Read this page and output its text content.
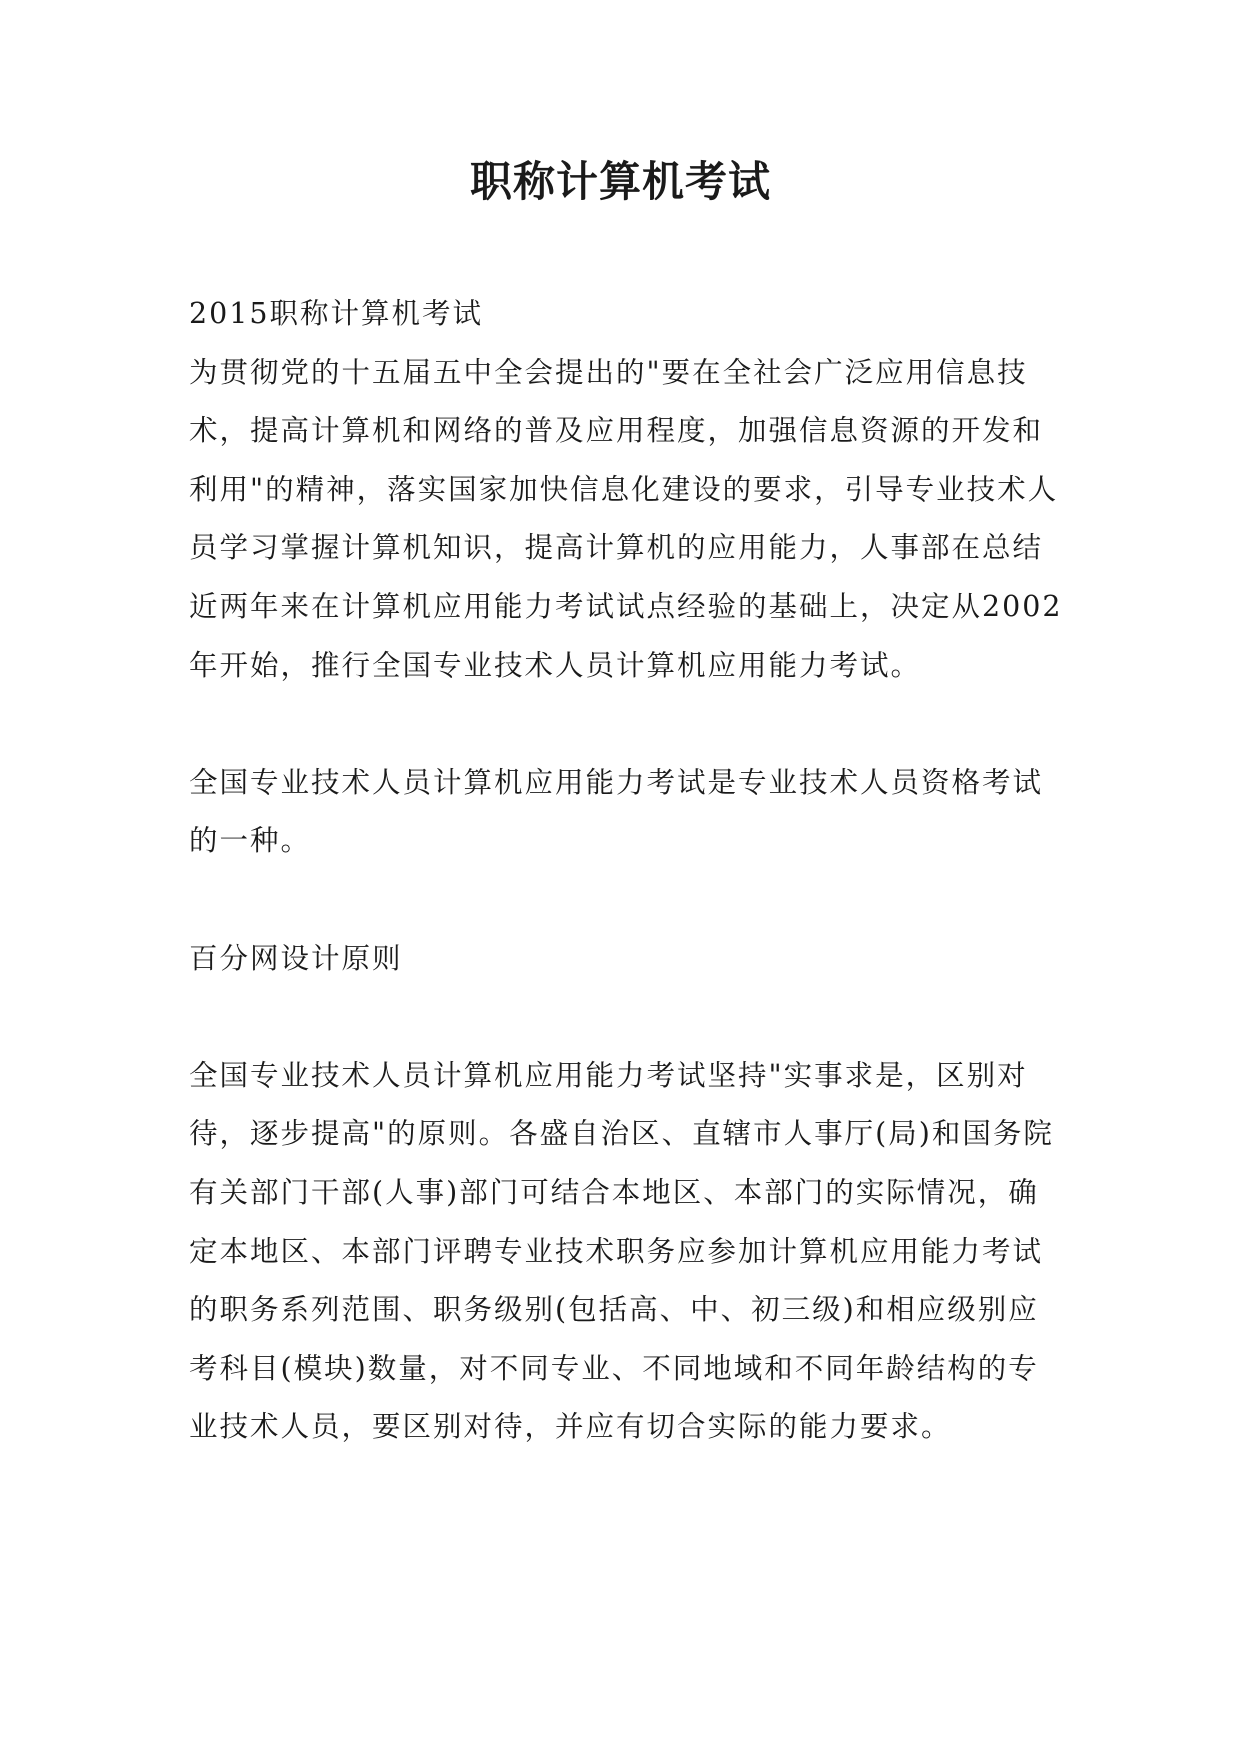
职称计算机考试

2015职称计算机考试

为贯彻党的十五届五中全会提出的"要在全社会广泛应用信息技术，提高计算机和网络的普及应用程度，加强信息资源的开发和利用"的精神，落实国家加快信息化建设的要求，引导专业技术人员学习掌握计算机知识，提高计算机的应用能力，人事部在总结近两年来在计算机应用能力考试试点经验的基础上，决定从2002年开始，推行全国专业技术人员计算机应用能力考试。

全国专业技术人员计算机应用能力考试是专业技术人员资格考试的一种。

百分网设计原则

全国专业技术人员计算机应用能力考试坚持"实事求是，区别对待，逐步提高"的原则。各盛自治区、直辖市人事厅(局)和国务院有关部门干部(人事)部门可结合本地区、本部门的实际情况，确定本地区、本部门评聘专业技术职务应参加计算机应用能力考试的职务系列范围、职务级别(包括高、中、初三级)和相应级别应考科目(模块)数量，对不同专业、不同地域和不同年龄结构的专业技术人员，要区别对待，并应有切合实际的能力要求。
